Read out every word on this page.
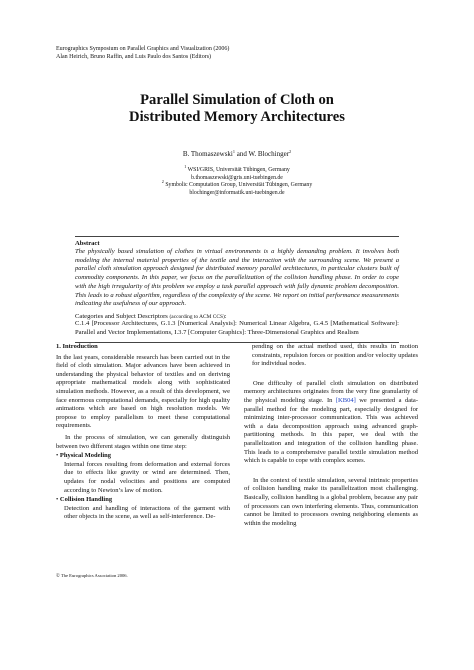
Eurographics Symposium on Parallel Graphics and Visualization (2006)
Alan Heirich, Bruno Raffin, and Luis Paulo dos Santos (Editors)
Parallel Simulation of Cloth on
Distributed Memory Architectures
B. Thomaszewski$^1$ and W. Blochinger$^2$
$^1$ WSI/GRIS, Universität Tübingen, Germany
b.thomaszewski@gris.uni-tuebingen.de
$^2$ Symbolic Computation Group, Universität Tübingen, Germany
blochinger@informatik.uni-tuebingen.de
Abstract
The physically based simulation of clothes in virtual environments is a highly demanding problem. It involves both modeling the internal material properties of the textile and the interaction with the surrounding scene. We present a parallel cloth simulation approach designed for distributed memory parallel architectures, in particular clusters built of commodity components. In this paper, we focus on the parallelization of the collision handling phase. In order to cope with the high irregularity of this problem we employ a task parallel approach with fully dynamic problem decomposition. This leads to a robust algorithm, regardless of the complexity of the scene. We report on initial performance measurements indicating the usefulness of our approach.
Categories and Subject Descriptors (according to ACM CCS):
C.1.4 [Processor Architectures, G.1.3 [Numerical Analysis]: Numerical Linear Algebra, G.4.5 [Mathematical Software]: Parallel and Vector Implementations, I.3.7 [Computer Graphics]: Three-Dimensional Graphics and Realism
1. Introduction
In the last years, considerable research has been carried out in the field of cloth simulation. Major advances have been achieved in understanding the physical behavior of textiles and on deriving appropriate mathematical models along with sophisticated simulation methods. However, as a result of this development, we face enormous computational demands, especially for high quality animations which are based on high resolution models. We propose to employ parallelism to meet these computational requirements.
In the process of simulation, we can generally distinguish between two different stages within one time step:
• Physical Modeling
Internal forces resulting from deformation and external forces due to effects like gravity or wind are determined. Then, updates for nodal velocities and positions are computed according to Newton’s law of motion.
• Collision Handling
Detection and handling of interactions of the garment with other objects in the scene, as well as self-interference. De-
pending on the actual method used, this results in motion constraints, repulsion forces or position and/or velocity updates for individual nodes.
One difficulty of parallel cloth simulation on distributed memory architectures originates from the very fine granularity of the physical modeling stage. In [KB04] we presented a data-parallel method for the modeling part, especially designed for minimizing inter-processor communication. This was achieved with a data decomposition approach using advanced graph-partitioning methods. In this paper, we deal with the parallelization and integration of the collision handling phase. This leads to a comprehensive parallel textile simulation method which is capable to cope with complex scenes.
In the context of textile simulation, several intrinsic properties of collision handling make its parallelization most challenging. Basically, collision handling is a global problem, because any pair of processors can own interfering elements. Thus, communication cannot be limited to processors owning neighboring elements as within the modeling
© The Eurographics Association 2006.
